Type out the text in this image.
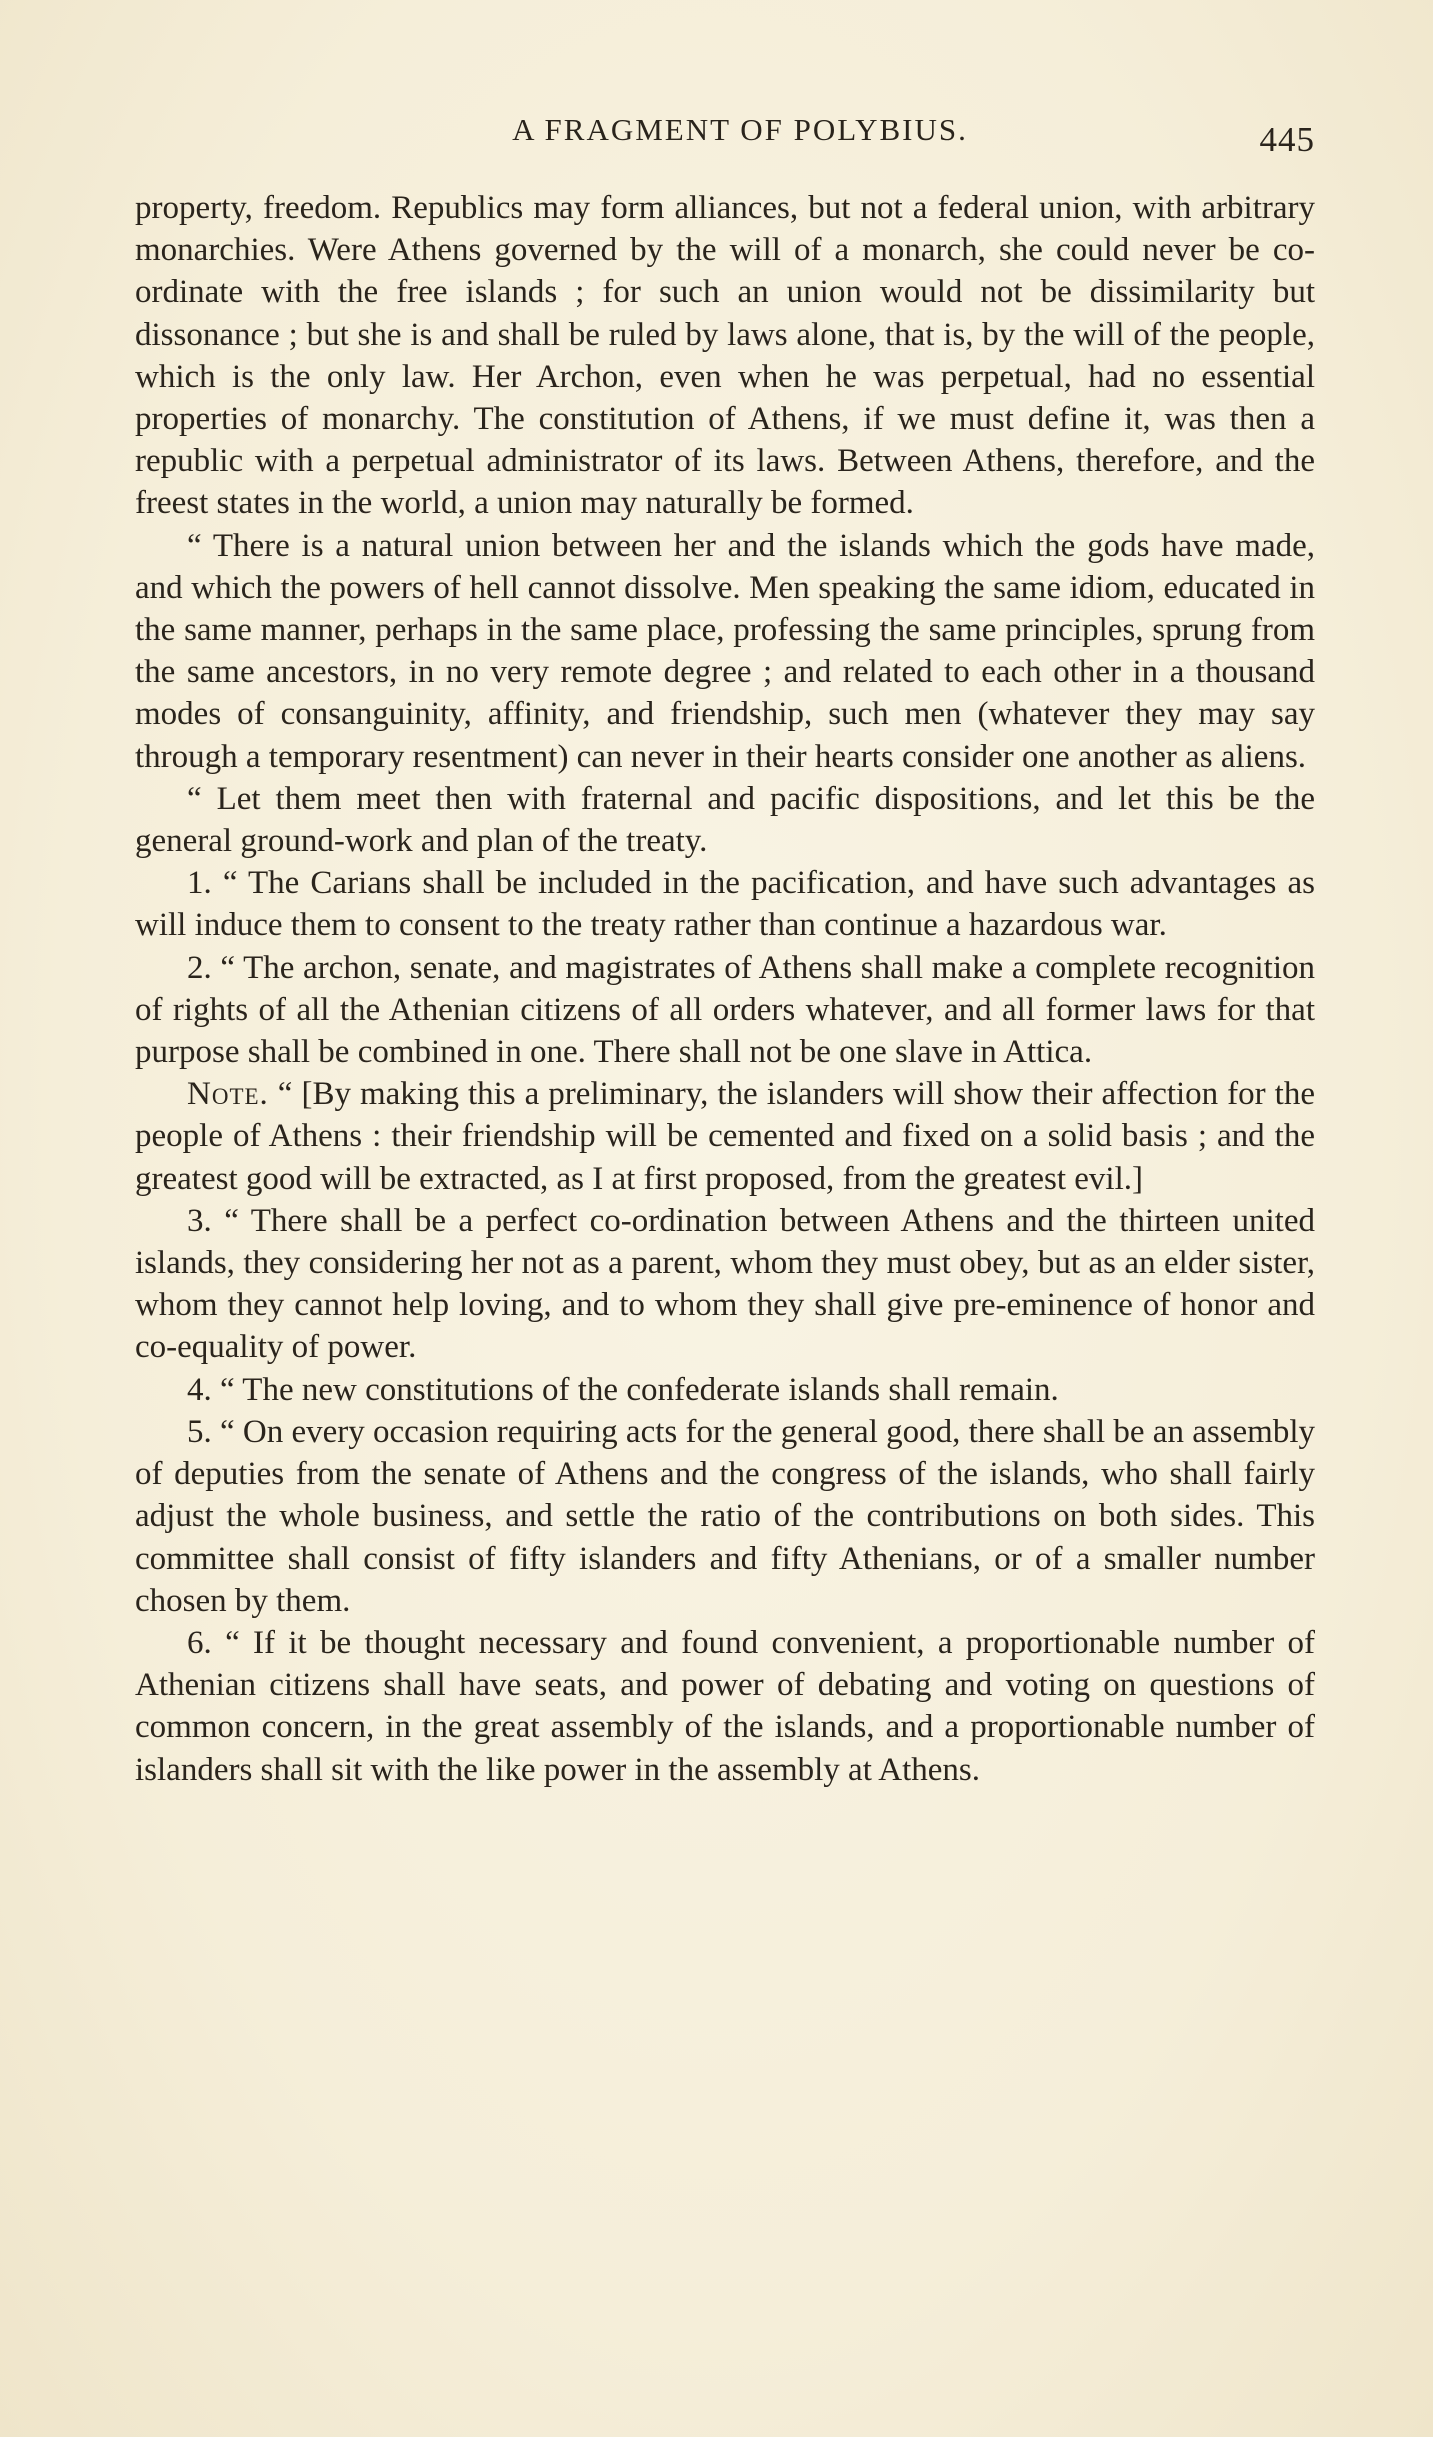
A FRAGMENT OF POLYBIUS.	445

property, freedom. Republics may form alliances, but not a federal union, with arbitrary monarchies. Were Athens governed by the will of a monarch, she could never be co-ordinate with the free islands ; for such an union would not be dissimilarity but dissonance ; but she is and shall be ruled by laws alone, that is, by the will of the people, which is the only law. Her Archon, even when he was perpetual, had no essential properties of monarchy. The constitution of Athens, if we must define it, was then a republic with a perpetual administrator of its laws. Between Athens, therefore, and the freest states in the world, a union may naturally be formed.

“ There is a natural union between her and the islands which the gods have made, and which the powers of hell cannot dissolve. Men speaking the same idiom, educated in the same manner, perhaps in the same place, professing the same principles, sprung from the same ancestors, in no very remote degree ; and related to each other in a thousand modes of consanguinity, affinity, and friendship, such men (whatever they may say through a temporary resentment) can never in their hearts consider one another as aliens.

“ Let them meet then with fraternal and pacific dispositions, and let this be the general ground-work and plan of the treaty.

1. “ The Carians shall be included in the pacification, and have such advantages as will induce them to consent to the treaty rather than continue a hazardous war.

2. “ The archon, senate, and magistrates of Athens shall make a complete recognition of rights of all the Athenian citizens of all orders whatever, and all former laws for that purpose shall be combined in one. There shall not be one slave in Attica.

Note. “ [By making this a preliminary, the islanders will show their affection for the people of Athens : their friendship will be cemented and fixed on a solid basis ; and the greatest good will be extracted, as I at first proposed, from the greatest evil.]

3. “ There shall be a perfect co-ordination between Athens and the thirteen united islands, they considering her not as a parent, whom they must obey, but as an elder sister, whom they cannot help loving, and to whom they shall give pre-eminence of honor and co-equality of power.

4. “ The new constitutions of the confederate islands shall remain.

5. “ On every occasion requiring acts for the general good, there shall be an assembly of deputies from the senate of Athens and the congress of the islands, who shall fairly adjust the whole business, and settle the ratio of the contributions on both sides. This committee shall consist of fifty islanders and fifty Athenians, or of a smaller number chosen by them.

6. “ If it be thought necessary and found convenient, a proportionable number of Athenian citizens shall have seats, and power of debating and voting on questions of common concern, in the great assembly of the islands, and a proportionable number of islanders shall sit with the like power in the assembly at Athens.
